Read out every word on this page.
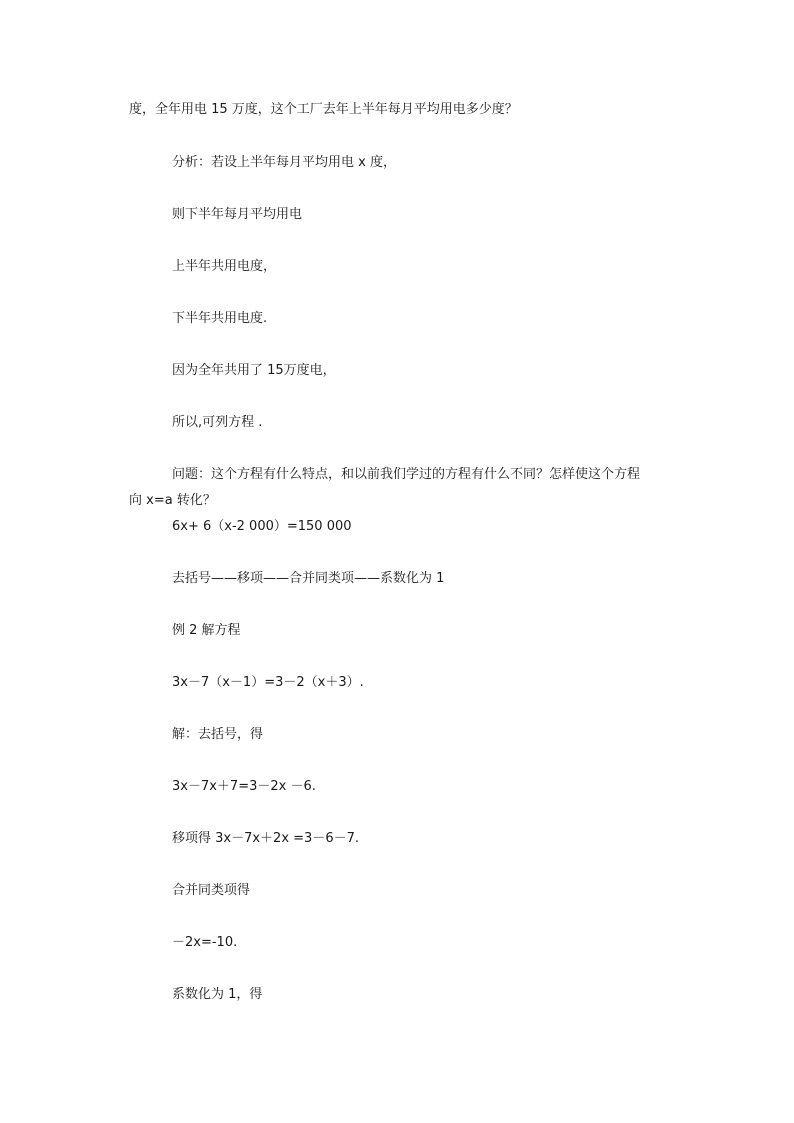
度，全年用电 15 万度，这个工厂去年上半年每月平均用电多少度？
分析：若设上半年每月平均用电 x 度，
则下半年每月平均用电
上半年共用电度，
下半年共用电度.
因为全年共用了 15万度电，
所以,可列方程 .
问题：这个方程有什么特点，和以前我们学过的方程有什么不同？怎样使这个方程
向 x=a 转化？
6x+ 6（x-2 000）=150 000
去括号——移项——合并同类项——系数化为 1
例 2 解方程
3x－7（x－1）=3－2（x＋3）.
解：去括号，得
3x－7x＋7=3－2x －6.
移项得 3x－7x＋2x =3－6－7.
合并同类项得
－2x=-10.
系数化为 1，得
